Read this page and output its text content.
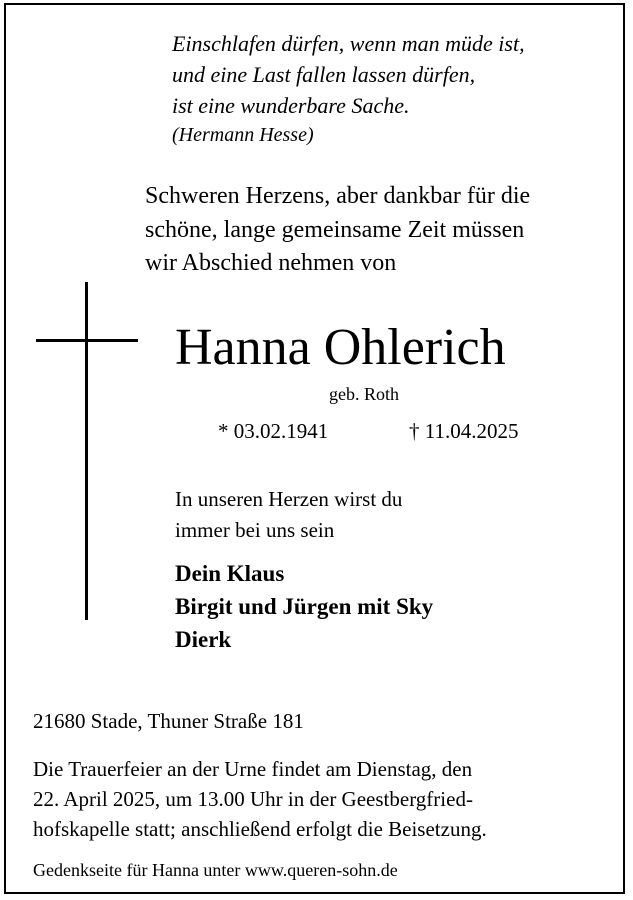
Einschlafen dürfen, wenn man müde ist,
und eine Last fallen lassen dürfen,
ist eine wunderbare Sache.
(Hermann Hesse)
Schweren Herzens, aber dankbar für die
schöne, lange gemeinsame Zeit müssen
wir Abschied nehmen von
Hanna Ohlerich
geb. Roth
* 03.02.1941	† 11.04.2025
In unseren Herzen wirst du
immer bei uns sein
Dein Klaus
Birgit und Jürgen mit Sky
Dierk
21680 Stade, Thuner Straße 181
Die Trauerfeier an der Urne findet am Dienstag, den
22. April 2025, um 13.00 Uhr in der Geestbergfried-
hofskapelle statt; anschließend erfolgt die Beisetzung.
Gedenkseite für Hanna unter www.queren-sohn.de
